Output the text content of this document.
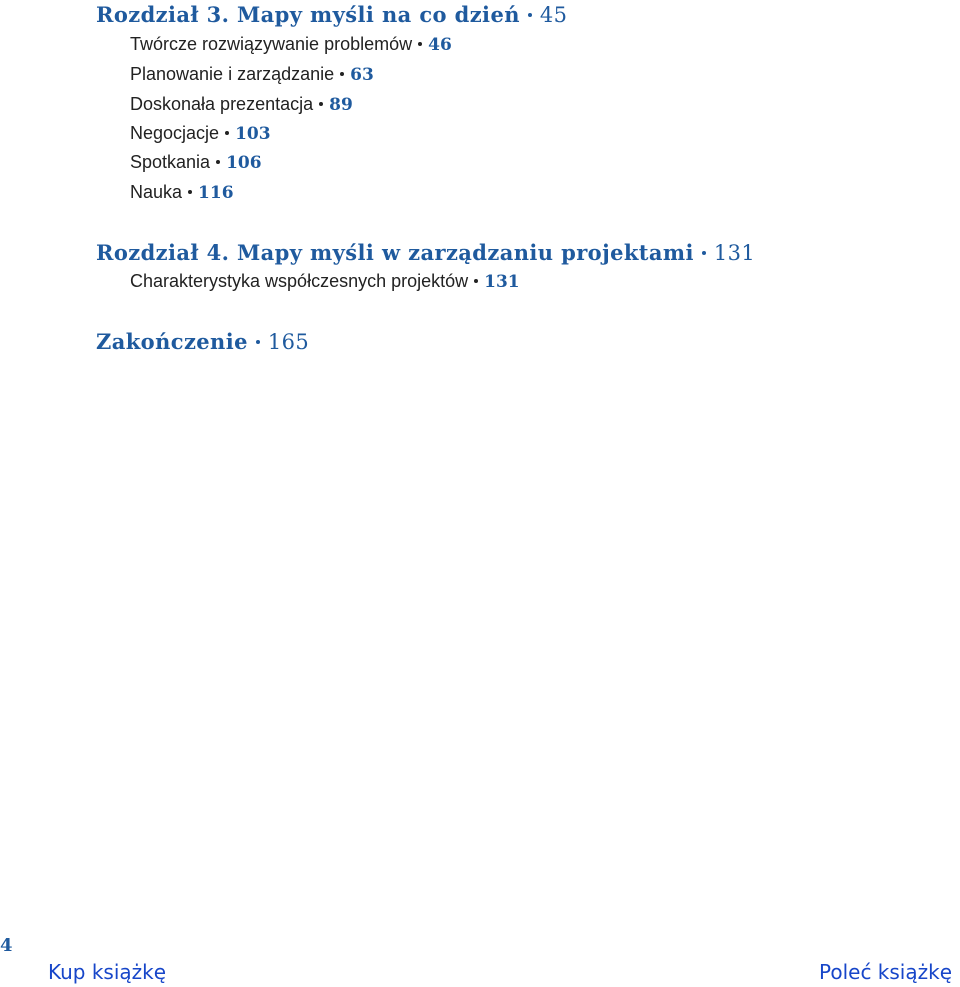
Rozdział 3. Mapy myśli na co dzień 45
Twórcze rozwiązywanie problemów 46
Planowanie i zarządzanie 63
Doskonała prezentacja 89
Negocjacje 103
Spotkania 106
Nauka 116
Rozdział 4. Mapy myśli w zarządzaniu projektami 131
Charakterystyka współczesnych projektów 131
Zakończenie 165
4
Kup książkę	Poleć książkę
